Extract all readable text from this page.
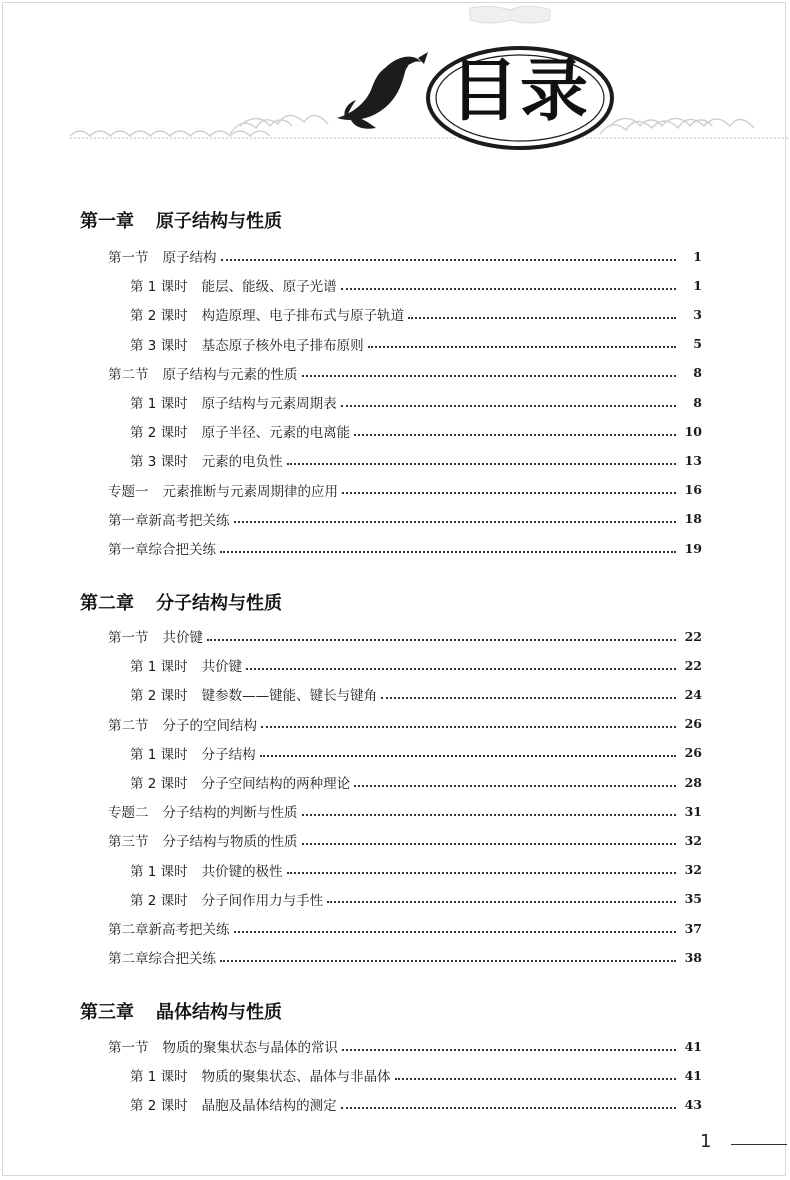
目录
第一章 原子结构与性质
第一节 原子结构	1
第 1 课时 能层、能级、原子光谱	1
第 2 课时 构造原理、电子排布式与原子轨道	3
第 3 课时 基态原子核外电子排布原则	5
第二节 原子结构与元素的性质	8
第 1 课时 原子结构与元素周期表	8
第 2 课时 原子半径、元素的电离能	10
第 3 课时 元素的电负性	13
专题一 元素推断与元素周期律的应用	16
第一章新高考把关练	18
第一章综合把关练	19
第二章 分子结构与性质
第一节 共价键	22
第 1 课时 共价键	22
第 2 课时 键参数——键能、键长与键角	24
第二节 分子的空间结构	26
第 1 课时 分子结构	26
第 2 课时 分子空间结构的两种理论	28
专题二 分子结构的判断与性质	31
第三节 分子结构与物质的性质	32
第 1 课时 共价键的极性	32
第 2 课时 分子间作用力与手性	35
第二章新高考把关练	37
第二章综合把关练	38
第三章 晶体结构与性质
第一节 物质的聚集状态与晶体的常识	41
第 1 课时 物质的聚集状态、晶体与非晶体	41
第 2 课时 晶胞及晶体结构的测定	43
1
